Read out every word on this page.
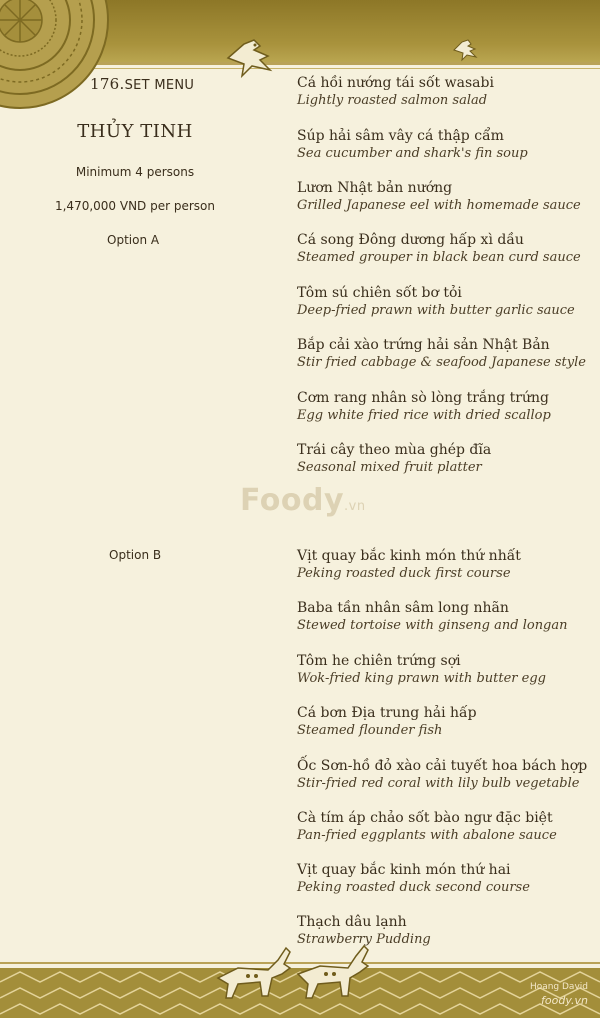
176.SET MENU
THỦY TINH
Minimum 4 persons
1,470,000 VND per person
Option A
Option B
Cá hồi nướng tái sốt wasabi
Lightly roasted salmon salad
Súp hải sâm vây cá thập cẩm
Sea cucumber and shark's fin soup
Lươn Nhật bản nướng
Grilled Japanese eel with homemade sauce
Cá song Đông dương hấp xì dầu
Steamed grouper in black bean curd sauce
Tôm sú chiên sốt bơ tỏi
Deep-fried prawn with butter garlic sauce
Bắp cải xào trứng hải sản Nhật Bản
Stir fried cabbage & seafood Japanese style
Cơm rang nhân sò lòng trắng trứng
Egg white fried rice with dried scallop
Trái cây theo mùa ghép đĩa
Seasonal mixed fruit platter
Foody.vn
Vịt quay bắc kinh món thứ nhất
Peking roasted duck first course
Baba tần nhân sâm long nhãn
Stewed tortoise with ginseng and longan
Tôm he chiên trứng sợi
Wok-fried king prawn with butter egg
Cá bơn Địa trung hải hấp
Steamed flounder fish
Ốc Sơn-hồ đỏ xào cải tuyết hoa bách hợp
Stir-fried red coral with lily bulb vegetable
Cà tím áp chảo sốt bào ngư đặc biệt
Pan-fried eggplants with abalone sauce
Vịt quay bắc kinh món thứ hai
Peking roasted duck second course
Thạch dâu lạnh
Strawberry Pudding
Hoang David
foody.vn
